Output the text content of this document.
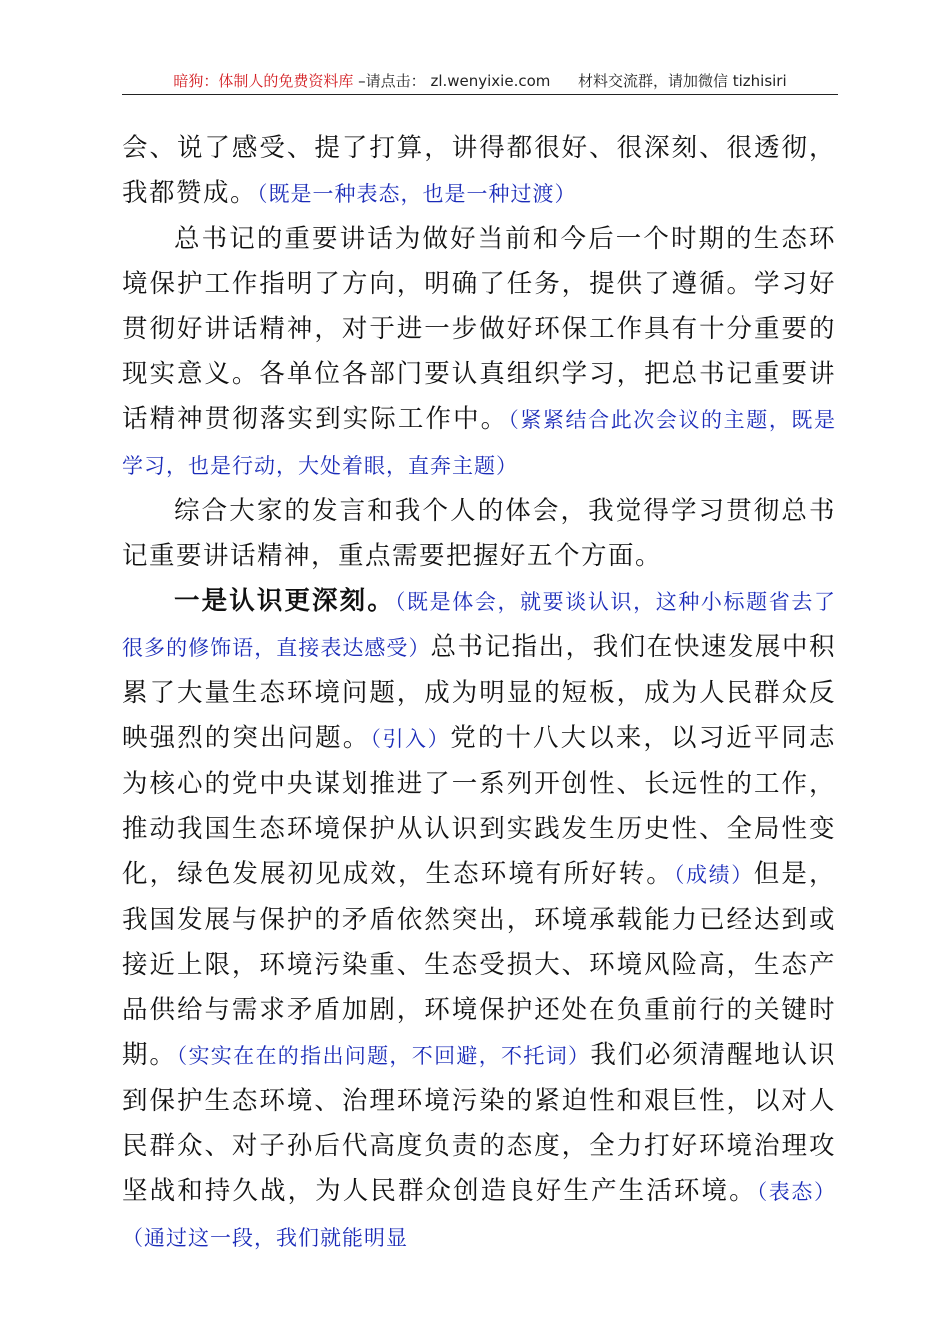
暗狗：体制人的免费资料库 –请点击： zl.wenyixie.com 材料交流群，请加微信 tizhisiri

会、说了感受、提了打算，讲得都很好、很深刻、很透彻，我都赞成。（既是一种表态，也是一种过渡）

总书记的重要讲话为做好当前和今后一个时期的生态环境保护工作指明了方向，明确了任务，提供了遵循。学习好贯彻好讲话精神，对于进一步做好环保工作具有十分重要的现实意义。各单位各部门要认真组织学习，把总书记重要讲话精神贯彻落实到实际工作中。（紧紧结合此次会议的主题，既是学习，也是行动，大处着眼，直奔主题）

综合大家的发言和我个人的体会，我觉得学习贯彻总书记重要讲话精神，重点需要把握好五个方面。

一是认识更深刻。（既是体会，就要谈认识，这种小标题省去了很多的修饰语，直接表达感受）总书记指出，我们在快速发展中积累了大量生态环境问题，成为明显的短板，成为人民群众反映强烈的突出问题。（引入）党的十八大以来，以习近平同志为核心的党中央谋划推进了一系列开创性、长远性的工作，推动我国生态环境保护从认识到实践发生历史性、全局性变化，绿色发展初见成效，生态环境有所好转。（成绩）但是，我国发展与保护的矛盾依然突出，环境承载能力已经达到或接近上限，环境污染重、生态受损大、环境风险高，生态产品供给与需求矛盾加剧，环境保护还处在负重前行的关键时期。（实实在在的指出问题，不回避，不托词）我们必须清醒地认识到保护生态环境、治理环境污染的紧迫性和艰巨性，以对人民群众、对子孙后代高度负责的态度，全力打好环境治理攻坚战和持久战，为人民群众创造良好生产生活环境。（表态）（通过这一段，我们就能明显
